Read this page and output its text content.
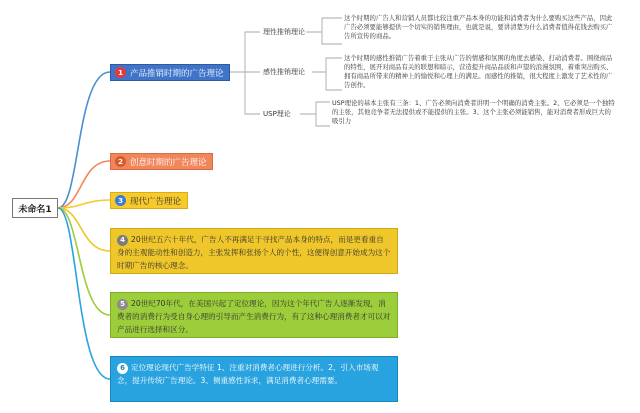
未命名1
1 产品推销时期的广告理论
理性推销理论
感性推销理论
USP理论
这个时期的广告人和营销人员都比较注重产品本身的功能和消费者为什么要购买这些产品，因此广告必须要能够提供一个切实的销售理由，也就是说，要讲清楚为什么消费者值得花钱去购买广告所宣传的商品。
这个时期的感性推销广告着重于主张从广告的情感和氛围的角度去感染、打动消费者。围绕商品的特性，展开对商品有关的联想和暗示，营造提升商品品质和声望的浪漫氛围，着重突出购买、拥有商品所带来的精神上的愉悦和心理上的满足。而感性的推销，很大程度上激发了艺术性的广告创作。
USP理论的基本主张有三条：1、广告必须向消费者讲明一个明确的消费主张。2、它必须是一个独特的主张，其他竞争者无法提供或不能提供的主张。3、这个主张必须能销售，能对消费者形成巨大的吸引力
2 创意时期的广告理论
3 现代广告理论
4 20世纪五六十年代，广告人不再满足于寻找产品本身的特点，而是更看重自身的主观能动性和创造力，主张发挥和张扬个人的个性，这便得创意开始成为这个时期广告的核心理念。
5 20世纪70年代，在美国兴起了定位理论，因为这个年代广告人逐渐发现，消费者的消费行为受自身心理的引导而产生消费行为，有了这种心理消费者才可以对产品进行选择和区分。
6 定位理论现代广告学特征 1、注重对消费者心理进行分析。2、引入市场观念，提升传统广告理论。3、侧重感性诉求，满足消费者心理需要。
